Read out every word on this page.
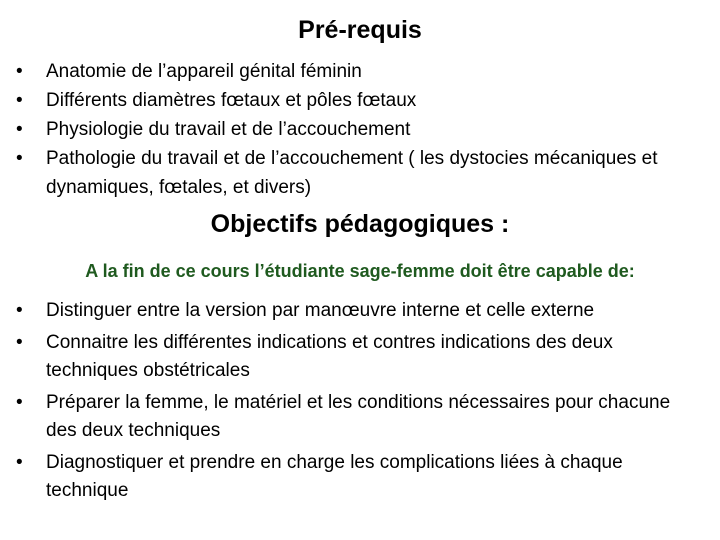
Pré-requis
• Anatomie de l’appareil génital féminin
• Différents diamètres fœtaux et pôles fœtaux
• Physiologie du travail et de l’accouchement
• Pathologie du travail et de l’accouchement ( les dystocies mécaniques et dynamiques, fœtales, et divers)
Objectifs pédagogiques :

A la fin de ce cours l’étudiante sage-femme doit être capable de:

• Distinguer entre la version par manœuvre interne et celle externe
• Connaitre les différentes indications et contres indications des deux techniques obstétricales
• Préparer la femme, le matériel et les conditions nécessaires pour chacune des deux techniques
• Diagnostiquer et prendre en charge les complications liées à chaque technique
